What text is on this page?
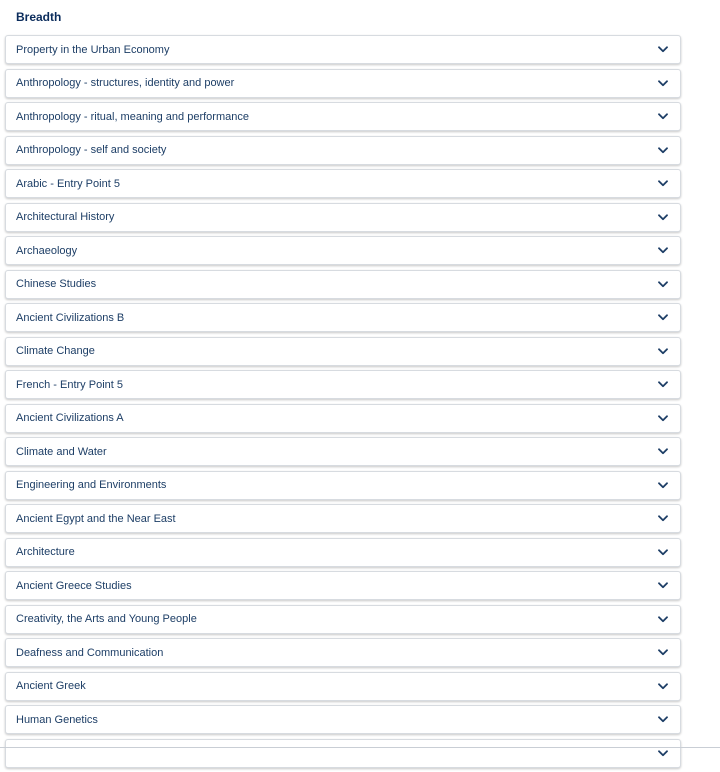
Breadth
Property in the Urban Economy
Anthropology - structures, identity and power
Anthropology - ritual, meaning and performance
Anthropology - self and society
Arabic - Entry Point 5
Architectural History
Archaeology
Chinese Studies
Ancient Civilizations B
Climate Change
French - Entry Point 5
Ancient Civilizations A
Climate and Water
Engineering and Environments
Ancient Egypt and the Near East
Architecture
Ancient Greece Studies
Creativity, the Arts and Young People
Deafness and Communication
Ancient Greek
Human Genetics
